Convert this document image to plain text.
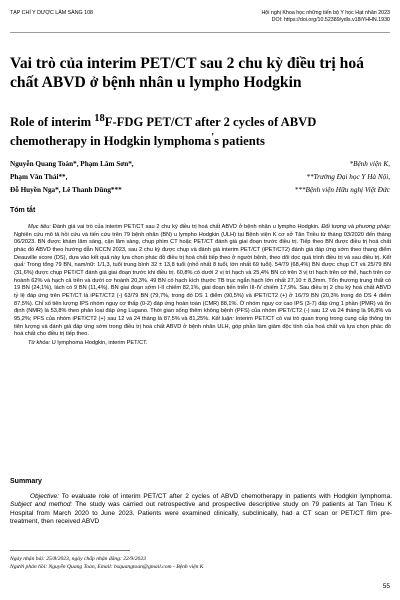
TẠP CHÍ Y DƯỢC LÂM SÀNG 108	Hội nghị Khoa học những tiến bộ Y học Hạt nhân 2023
DOI: https://doi.org/10.52389/ydls.v18iYHHN.1930
Vai trò của interim PET/CT sau 2 chu kỳ điều trị hoá chất ABVD ở bệnh nhân u lympho Hodgkin
Role of interim $^{18}$F-FDG PET/CT after 2 cycles of ABVD chemotherapy in Hodgkin lymphoma's patients
Nguyễn Quang Toàn*, Phạm Lâm Sơn*,	*Bệnh viện K,
Phạm Văn Thái**,	**Trường Đại học Y Hà Nội,
Đỗ Huyền Nga*, Lê Thanh Dũng***	***Bệnh viện Hữu nghị Việt Đức
Tóm tắt

Mục tiêu: Đánh giá vai trò của interim PET/CT sau 2 chu kỳ điều trị hoá chất ABVD ở bệnh nhân u lympho Hodgkin. Đối tượng và phương pháp: Nghiên cứu mô tả hồi cứu và tiến cứu trên 79 bệnh nhân (BN) u lympho Hodgkin (ULH) tại Bệnh viện K cơ sở Tân Triều từ tháng 03/2020 đến tháng 06/2023. BN được khám lâm sàng, cận lâm sàng, chụp phim CT hoặc PET/CT đánh giá giai đoạn trước điều trị. Tiếp theo BN được điều trị hoá chất phác đồ ABVD theo hướng dẫn NCCN 2023, sau 2 chu kỳ được chụp và đánh giá interim PET/CT (iPET/CT2) đánh giá đáp ứng sớm theo thang điểm Deauville score (DS), dựa vào kết quả này lựa chọn phác đồ điều trị hoá chất tiếp theo ở người bệnh, theo dõi dọc quá trình điều trị và sau điều trị. Kết quả: Trong tổng 79 BN, nam/nữ: 1/1,3, tuổi trung bình 32 ± 13,8 tuổi (nhỏ nhất 8 tuổi, lớn nhất 69 tuổi). 54/79 (68,4%) BN được chụp CT và 25/79 BN (31,6%) được chụp PET/CT đánh giá giai đoạn trước khi điều trị. 60,8% có dưới 2 vị trí hạch và 25,4% BN có trên 3 vị trí hạch trên cơ thể, hạch trên cơ hoành 62% và hạch cả trên và dưới cơ hoành 20,3%. 49 BN có hạch kích thước TB trục ngắn hạch lớn nhất 27,10 ± 8,3mm. Tổn thương trung thất có 19 BN (24,1%), lách có 9 BN (11,4%). BN giai đoạn sớm I-II chiếm 82,1%, giai đoạn tiến triển III-IV chiếm 17,9%. Sau điều trị 2 chu kỳ hoá chất ABVD tỷ lệ đáp ứng trên PET/CT là iPET/CT2 (-) 63/79 BN (79,7%, trong đó DS 1 điểm (90,5%) và iPET/CT2 (+) ở 16/79 BN (20,3% trong đó DS 4 điểm 87,5%). Chỉ số tiên lượng IPS nhóm nguy cơ thấp (0-2) đáp ứng hoàn toàn (CMR) 88,1%. Ở nhóm nguy cơ cao IPS (3-7) đáp ứng 1 phần (PMR) và ổn định (NMR) là 53,8% theo phân loại đáp ứng Lugano. Thời gian sống thêm không bệnh (PFS) của nhóm iPET/CT2 (-) sau 12 và 24 tháng là 96,8% và 95,2%; PFS của nhóm iPET/CT2 (+) sau 12 và 24 tháng là 87,5% và 81,25%. Kết luận: Interim PET/CT có vai trò quan trọng trong cung cấp thông tin tiên lượng và đánh giá đáp ứng sớm trong điều trị hoá chất ABVD ở bệnh nhân ULH, góp phần làm giảm độc tính của hoá chất và lựa chọn phác đồ hoá chất cho điều trị tiếp theo.

Từ khóa: U lymphoma Hodgkin, interim PET/CT.

Summary

Objective: To evaluate role of interim PET/CT after 2 cycles of ABVD chemotherapy in patients with Hodgkin lymphoma. Subject and method: The study was carried out retrospective and prospective descriptive study on 79 patients at Tan Trieu K Hospital from March 2020 to June 2023. Patients were examined clinically, subclinically, had a CT scan or PET/CT film pre-treatment, then received ABVD

Ngày nhận bài: 25/8/2023, ngày chấp nhận đăng: 22/9/2023
Người phản hồi: Nguyễn Quang Toàn, Email: bsquangtoan@gmail.com - Bệnh viện K
55
